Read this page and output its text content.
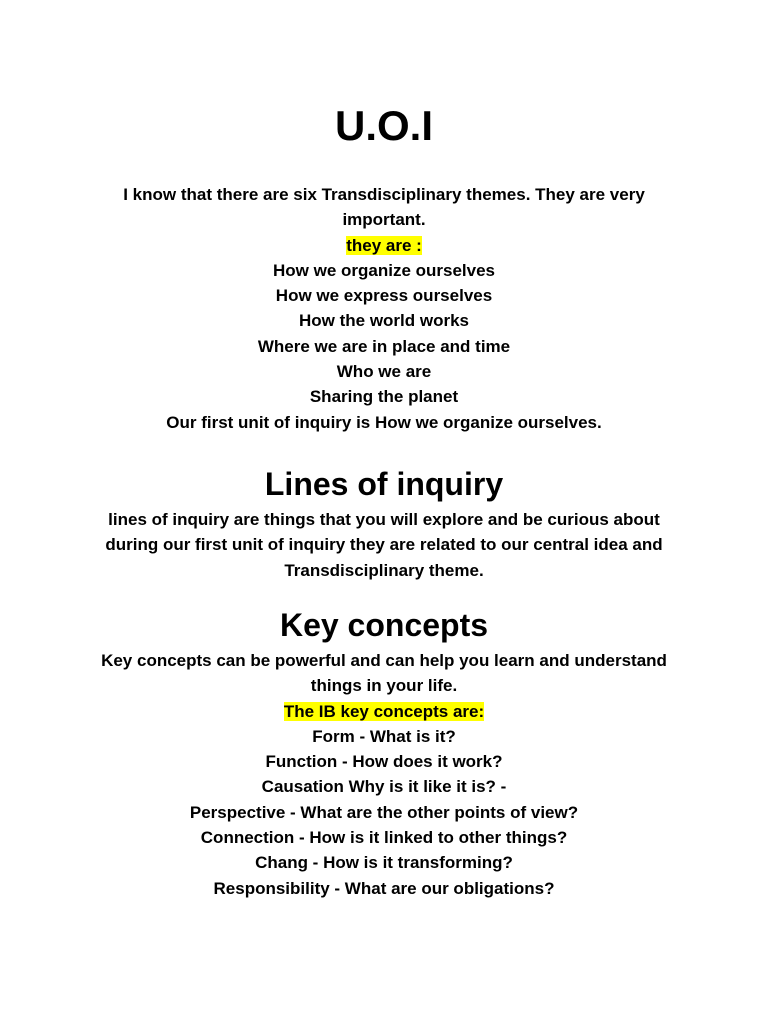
U.O.I

I know that there are six Transdisciplinary themes. They are very important.

they are :

How we organize ourselves

How we express ourselves

How the world works

Where we are in place and time

Who we are

Sharing the planet

Our first unit of inquiry is How we organize ourselves.

Lines of inquiry

lines of inquiry are things that you will explore and be curious about during our first unit of inquiry they are related to our central idea and Transdisciplinary theme.

Key concepts

Key concepts can be powerful and can help you learn and understand things in your life.

The IB key concepts are:

Form - What is it?

Function - How does it work?

Causation Why is it like it is? -

Perspective - What are the other points of view?

Connection - How is it linked to other things?

Chang - How is it transforming?

Responsibility - What are our obligations?
